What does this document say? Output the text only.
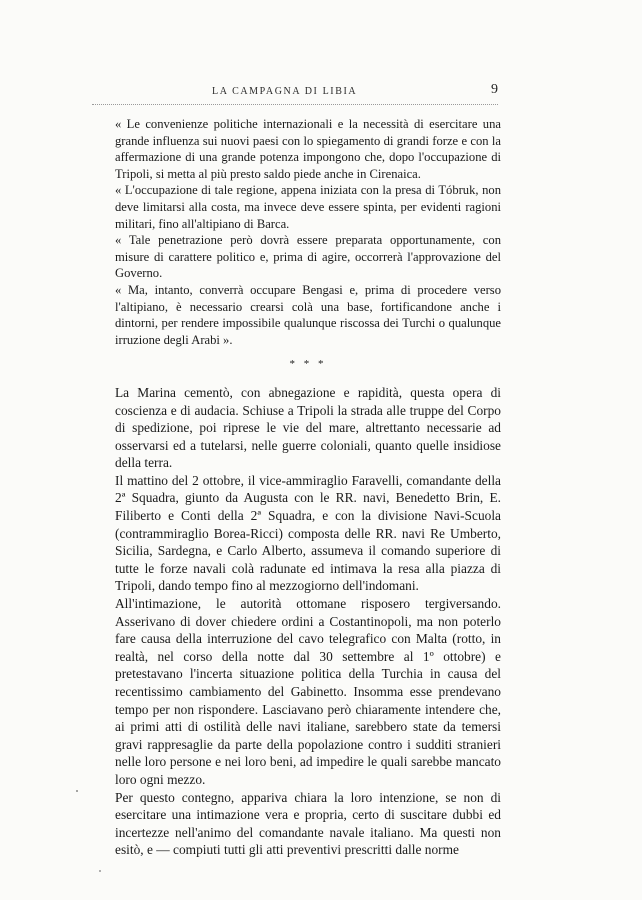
LA CAMPAGNA DI LIBIA	9

« Le convenienze politiche internazionali e la necessità di esercitare una grande influenza sui nuovi paesi con lo spiegamento di grandi forze e con la affermazione di una grande potenza impongono che, dopo l'occupazione di Tripoli, si metta al più presto saldo piede anche in Cirenaica.

« L'occupazione di tale regione, appena iniziata con la presa di Tóbruk, non deve limitarsi alla costa, ma invece deve essere spinta, per evidenti ragioni militari, fino all'altipiano di Barca.

« Tale penetrazione però dovrà essere preparata opportunamente, con misure di carattere politico e, prima di agire, occorrerà l'approvazione del Governo.

« Ma, intanto, converrà occupare Bengasi e, prima di procedere verso l'altipiano, è necessario crearsi colà una base, fortificandone anche i dintorni, per rendere impossibile qualunque riscossa dei Turchi o qualunque irruzione degli Arabi ».

* * *

La Marina cementò, con abnegazione e rapidità, questa opera di coscienza e di audacia. Schiuse a Tripoli la strada alle truppe del Corpo di spedizione, poi riprese le vie del mare, altrettanto necessarie ad osservarsi ed a tutelarsi, nelle guerre coloniali, quanto quelle insidiose della terra.

Il mattino del 2 ottobre, il vice-ammiraglio Faravelli, comandante della 2ª Squadra, giunto da Augusta con le RR. navi, Benedetto Brin, E. Filiberto e Conti della 2ª Squadra, e con la divisione Navi-Scuola (contrammiraglio Borea-Ricci) composta delle RR. navi Re Umberto, Sicilia, Sardegna, e Carlo Alberto, assumeva il comando superiore di tutte le forze navali colà radunate ed intimava la resa alla piazza di Tripoli, dando tempo fino al mezzogiorno dell'indomani.

All'intimazione, le autorità ottomane risposero tergiversando. Asserivano di dover chiedere ordini a Costantinopoli, ma non poterlo fare causa della interruzione del cavo telegrafico con Malta (rotto, in realtà, nel corso della notte dal 30 settembre al 1º ottobre) e pretestavano l'incerta situazione politica della Turchia in causa del recentissimo cambiamento del Gabinetto. Insomma esse prendevano tempo per non rispondere. Lasciavano però chiaramente intendere che, ai primi atti di ostilità delle navi italiane, sarebbero state da temersi gravi rappresaglie da parte della popolazione contro i sudditi stranieri nelle loro persone e nei loro beni, ad impedire le quali sarebbe mancato loro ogni mezzo.

Per questo contegno, appariva chiara la loro intenzione, se non di esercitare una intimazione vera e propria, certo di suscitare dubbi ed incertezze nell'animo del comandante navale italiano. Ma questi non esitò, e — compiuti tutti gli atti preventivi prescritti dalle norme
